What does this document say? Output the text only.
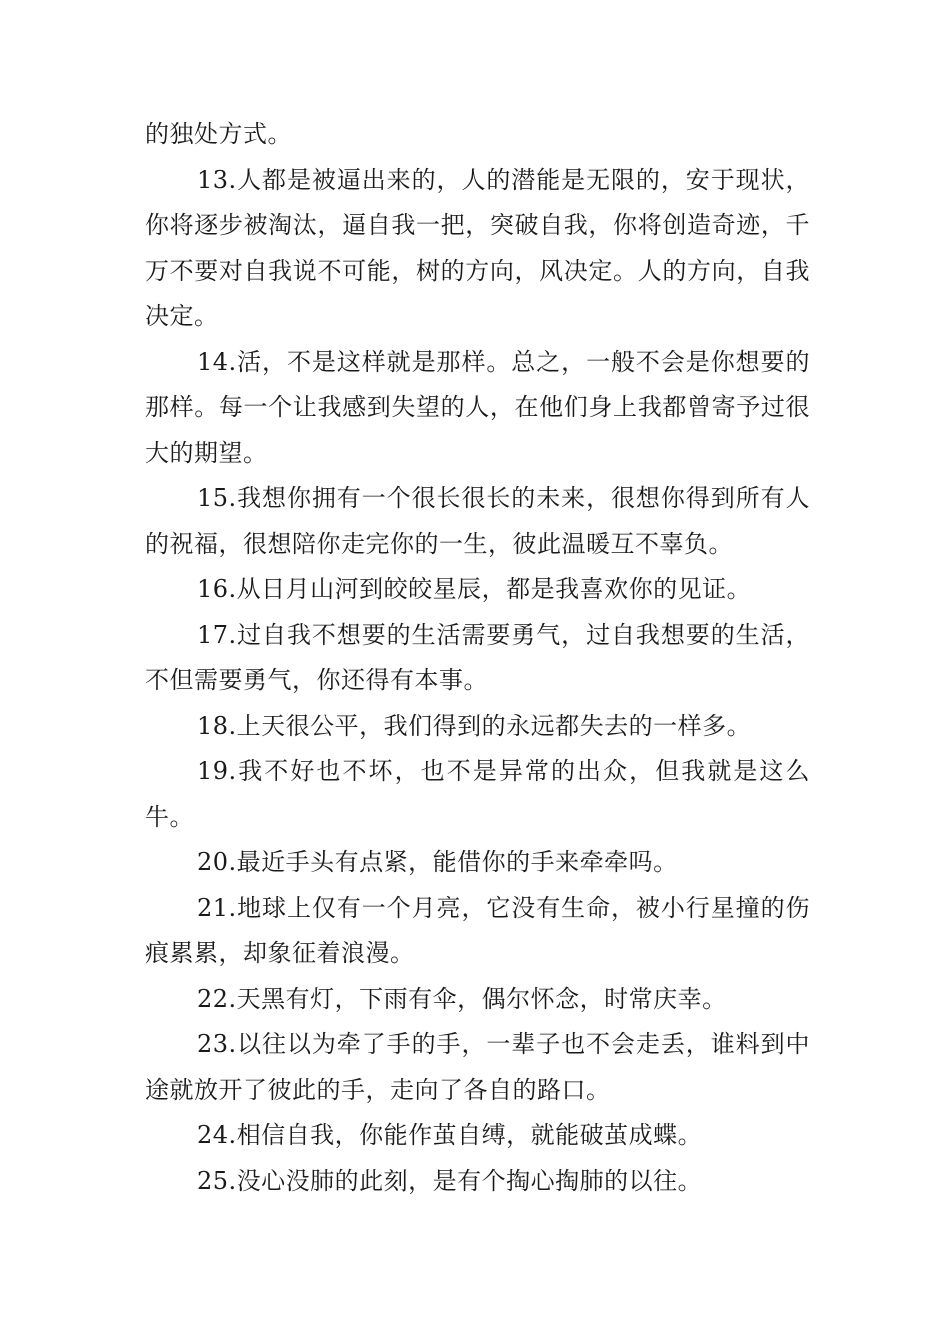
的独处方式。

13.人都是被逼出来的，人的潜能是无限的，安于现状，你将逐步被淘汰，逼自我一把，突破自我，你将创造奇迹，千万不要对自我说不可能，树的方向，风决定。人的方向，自我决定。

14.活，不是这样就是那样。总之，一般不会是你想要的那样。每一个让我感到失望的人，在他们身上我都曾寄予过很大的期望。

15.我想你拥有一个很长很长的未来，很想你得到所有人的祝福，很想陪你走完你的一生，彼此温暖互不辜负。

16.从日月山河到皎皎星辰，都是我喜欢你的见证。

17.过自我不想要的生活需要勇气，过自我想要的生活，不但需要勇气，你还得有本事。

18.上天很公平，我们得到的永远都失去的一样多。

19.我不好也不坏，也不是异常的出众，但我就是这么牛。

20.最近手头有点紧，能借你的手来牵牵吗。

21.地球上仅有一个月亮，它没有生命，被小行星撞的伤痕累累，却象征着浪漫。

22.天黑有灯，下雨有伞，偶尔怀念，时常庆幸。

23.以往以为牵了手的手，一辈子也不会走丢，谁料到中途就放开了彼此的手，走向了各自的路口。

24.相信自我，你能作茧自缚，就能破茧成蝶。

25.没心没肺的此刻，是有个掏心掏肺的以往。
